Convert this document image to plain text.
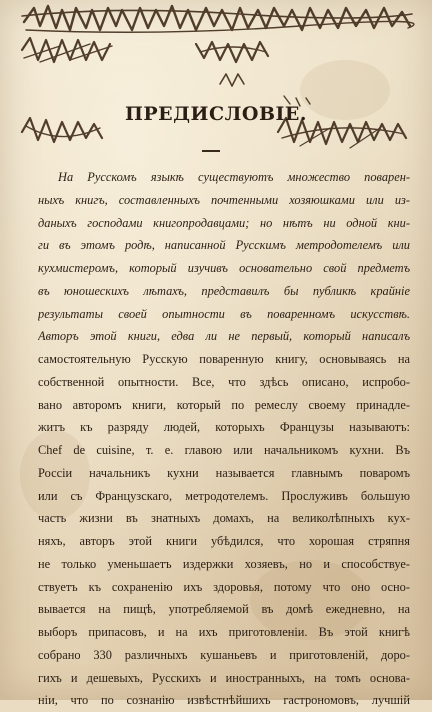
ПРЕДИСЛОВІЕ.
На Русскомъ языкѣ существуютъ множество поварен-
ныхъ книгъ, составленныхъ почтенными хозяюшками или из-
даныхъ господами книгопродавцами; но нѣтъ ни одной кни-
ги въ этомъ родѣ, написанной Русскимъ метродотелемъ или
кухмистеромъ, который изучивъ основательно свой предметъ
въ юношескихъ лѣтахъ, представилъ бы публикѣ крайніе
результаты своей опытности въ поваренномъ искусствѣ.
Авторъ этой книги, едва ли не первый, который написалъ
самостоятельную Русскую поваренную книгу, основываясь на
собственной опытности. Все, что здѣсь описано, испробо-
вано авторомъ книги, который по ремеслу своему принадле-
житъ къ разряду людей, которыхъ Французы называютъ:
Chef de cuisine, т. е. главою или начальникомъ кухни. Въ
Россіи начальникъ кухни называется главнымъ поваромъ
или съ Французскаго, метродотелемъ. Прослуживъ большую
часть жизни въ знатныхъ домахъ, на великолѣпныхъ кух-
няхъ, авторъ этой книги убѣдился, что хорошая стряпня
не только уменьшаетъ издержки хозяевъ, но и способствуе-
ствуетъ къ сохраненію ихъ здоровья, потому что оно осно-
вывается на пищѣ, употребляемой въ домѣ ежедневно, на
выборъ припасовъ, и на ихъ приготовленіи. Въ этой книгѣ
собрано 330 различныхъ кушаньевъ и приготовленій, доро-
гихъ и дешевыхъ, Русскихъ и иностранныхъ, на томъ основа-
ніи, что по сознанію извѣстнѣйшихъ гастрономовъ, лучшій
